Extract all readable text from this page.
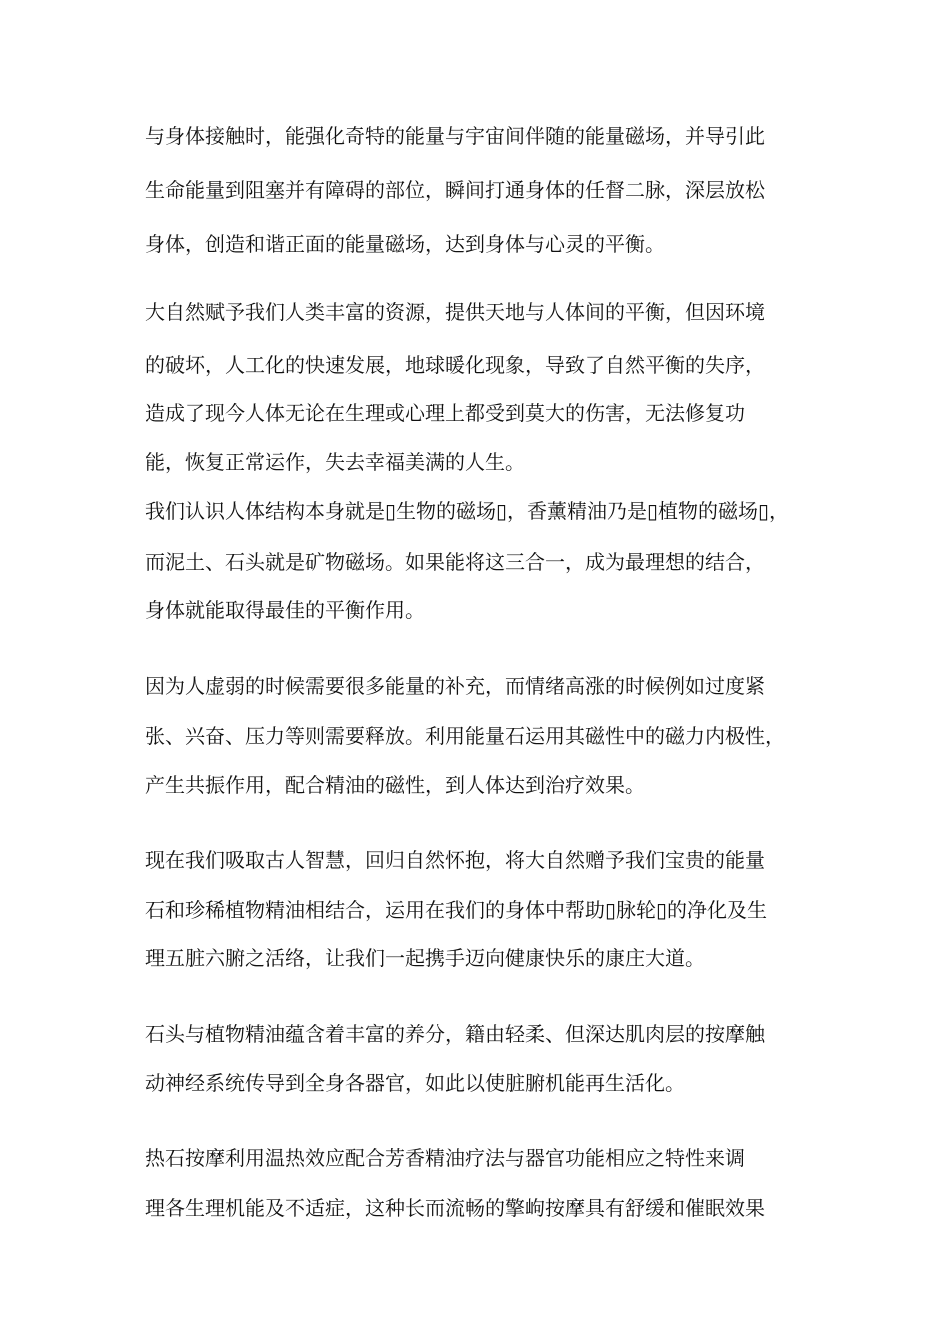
与身体接触时，能强化奇特的能量与宇宙间伴随的能量磁场，并导引此
生命能量到阻塞并有障碍的部位，瞬间打通身体的任督二脉，深层放松
身体，创造和谐正面的能量磁场，达到身体与心灵的平衡。
大自然赋予我们人类丰富的资源，提供天地与人体间的平衡，但因环境
的破坏，人工化的快速发展，地球暖化现象，导致了自然平衡的失序，
造成了现今人体无论在生理或心理上都受到莫大的伤害，无法修复功
能，恢复正常运作，失去幸福美满的人生。
我们认识人体结构本身就是▯生物的磁场▯，香薰精油乃是▯植物的磁场▯，
而泥土、石头就是矿物磁场。如果能将这三合一，成为最理想的结合，
身体就能取得最佳的平衡作用。
因为人虚弱的时候需要很多能量的补充，而情绪高涨的时候例如过度紧
张、兴奋、压力等则需要释放。利用能量石运用其磁性中的磁力内极性，
产生共振作用，配合精油的磁性，到人体达到治疗效果。
现在我们吸取古人智慧，回归自然怀抱，将大自然赠予我们宝贵的能量
石和珍稀植物精油相结合，运用在我们的身体中帮助▯脉轮▯的净化及生
理五脏六腑之活络，让我们一起携手迈向健康快乐的康庄大道。
石头与植物精油蕴含着丰富的养分，籍由轻柔、但深达肌肉层的按摩触
动神经系统传导到全身各器官，如此以使脏腑机能再生活化。
热石按摩利用温热效应配合芳香精油疗法与器官功能相应之特性来调
理各生理机能及不适症，这种长而流畅的擎岣按摩具有舒缓和催眠效果
